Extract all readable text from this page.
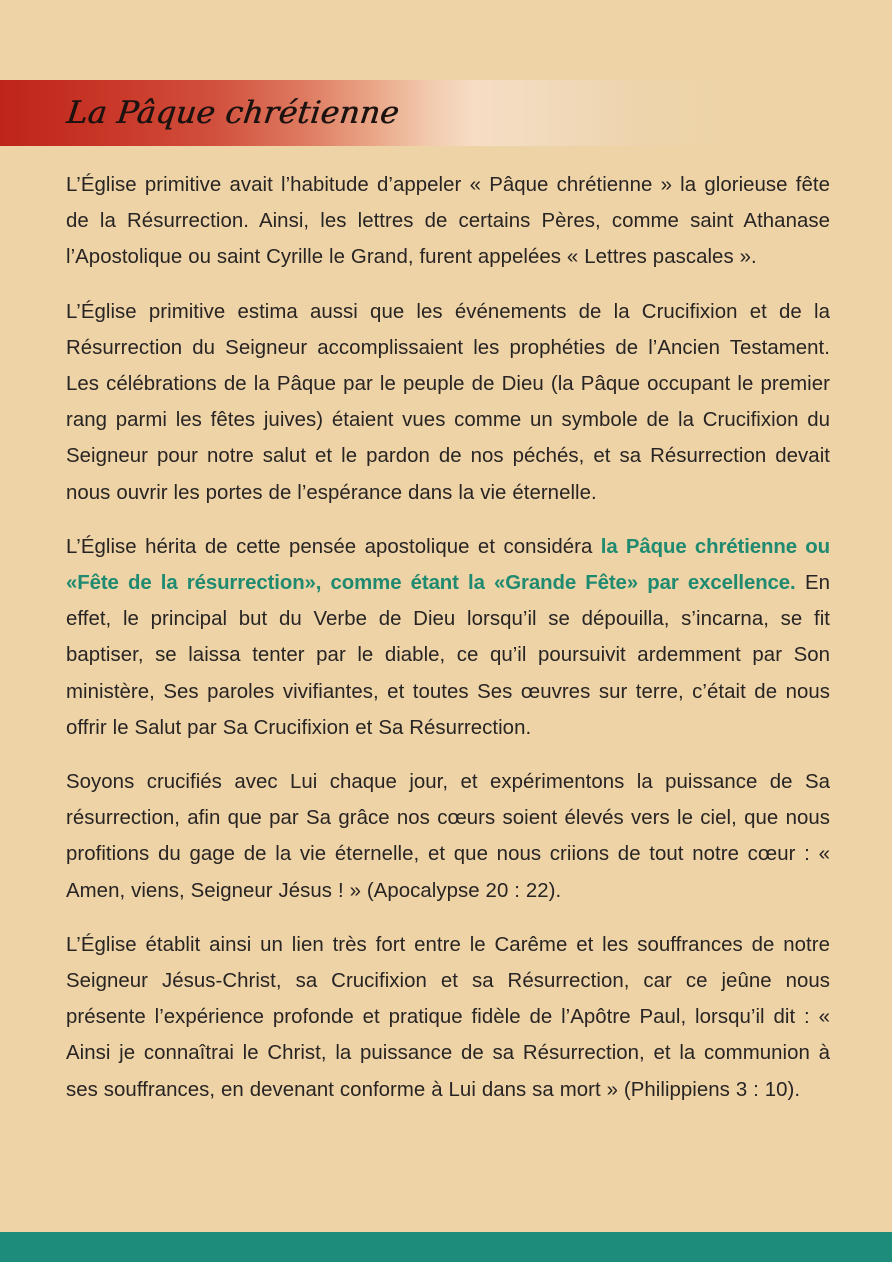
La Pâque chrétienne

L’Église primitive avait l’habitude d’appeler « Pâque chrétienne » la glorieuse fête de la Résurrection. Ainsi, les lettres de certains Pères, comme saint Athanase l’Apostolique ou saint Cyrille le Grand, furent appelées « Lettres pascales ».

L’Église primitive estima aussi que les événements de la Crucifixion et de la Résurrection du Seigneur accomplissaient les prophéties de l’Ancien Testament. Les célébrations de la Pâque par le peuple de Dieu (la Pâque occupant le premier rang parmi les fêtes juives) étaient vues comme un symbole de la Crucifixion du Seigneur pour notre salut et le pardon de nos péchés, et sa Résurrection devait nous ouvrir les portes de l’espérance dans la vie éternelle.

L’Église hérita de cette pensée apostolique et considéra la Pâque chrétienne ou «Fête de la résurrection», comme étant la «Grande Fête» par excellence. En effet, le principal but du Verbe de Dieu lorsqu’il se dépouilla, s’incarna, se fit baptiser, se laissa tenter par le diable, ce qu’il poursuivit ardemment par Son ministère, Ses paroles vivifiantes, et toutes Ses œuvres sur terre, c’était de nous offrir le Salut par Sa Crucifixion et Sa Résurrection.

Soyons crucifiés avec Lui chaque jour, et expérimentons la puissance de Sa résurrection, afin que par Sa grâce nos cœurs soient élevés vers le ciel, que nous profitions du gage de la vie éternelle, et que nous criions de tout notre cœur : « Amen, viens, Seigneur Jésus ! » (Apocalypse 20 : 22).

L’Église établit ainsi un lien très fort entre le Carême et les souffrances de notre Seigneur Jésus-Christ, sa Crucifixion et sa Résurrection, car ce jeûne nous présente l’expérience profonde et pratique fidèle de l’Apôtre Paul, lorsqu’il dit : « Ainsi je connaîtrai le Christ, la puissance de sa Résurrection, et la communion à ses souffrances, en devenant conforme à Lui dans sa mort » (Philippiens 3 : 10).
